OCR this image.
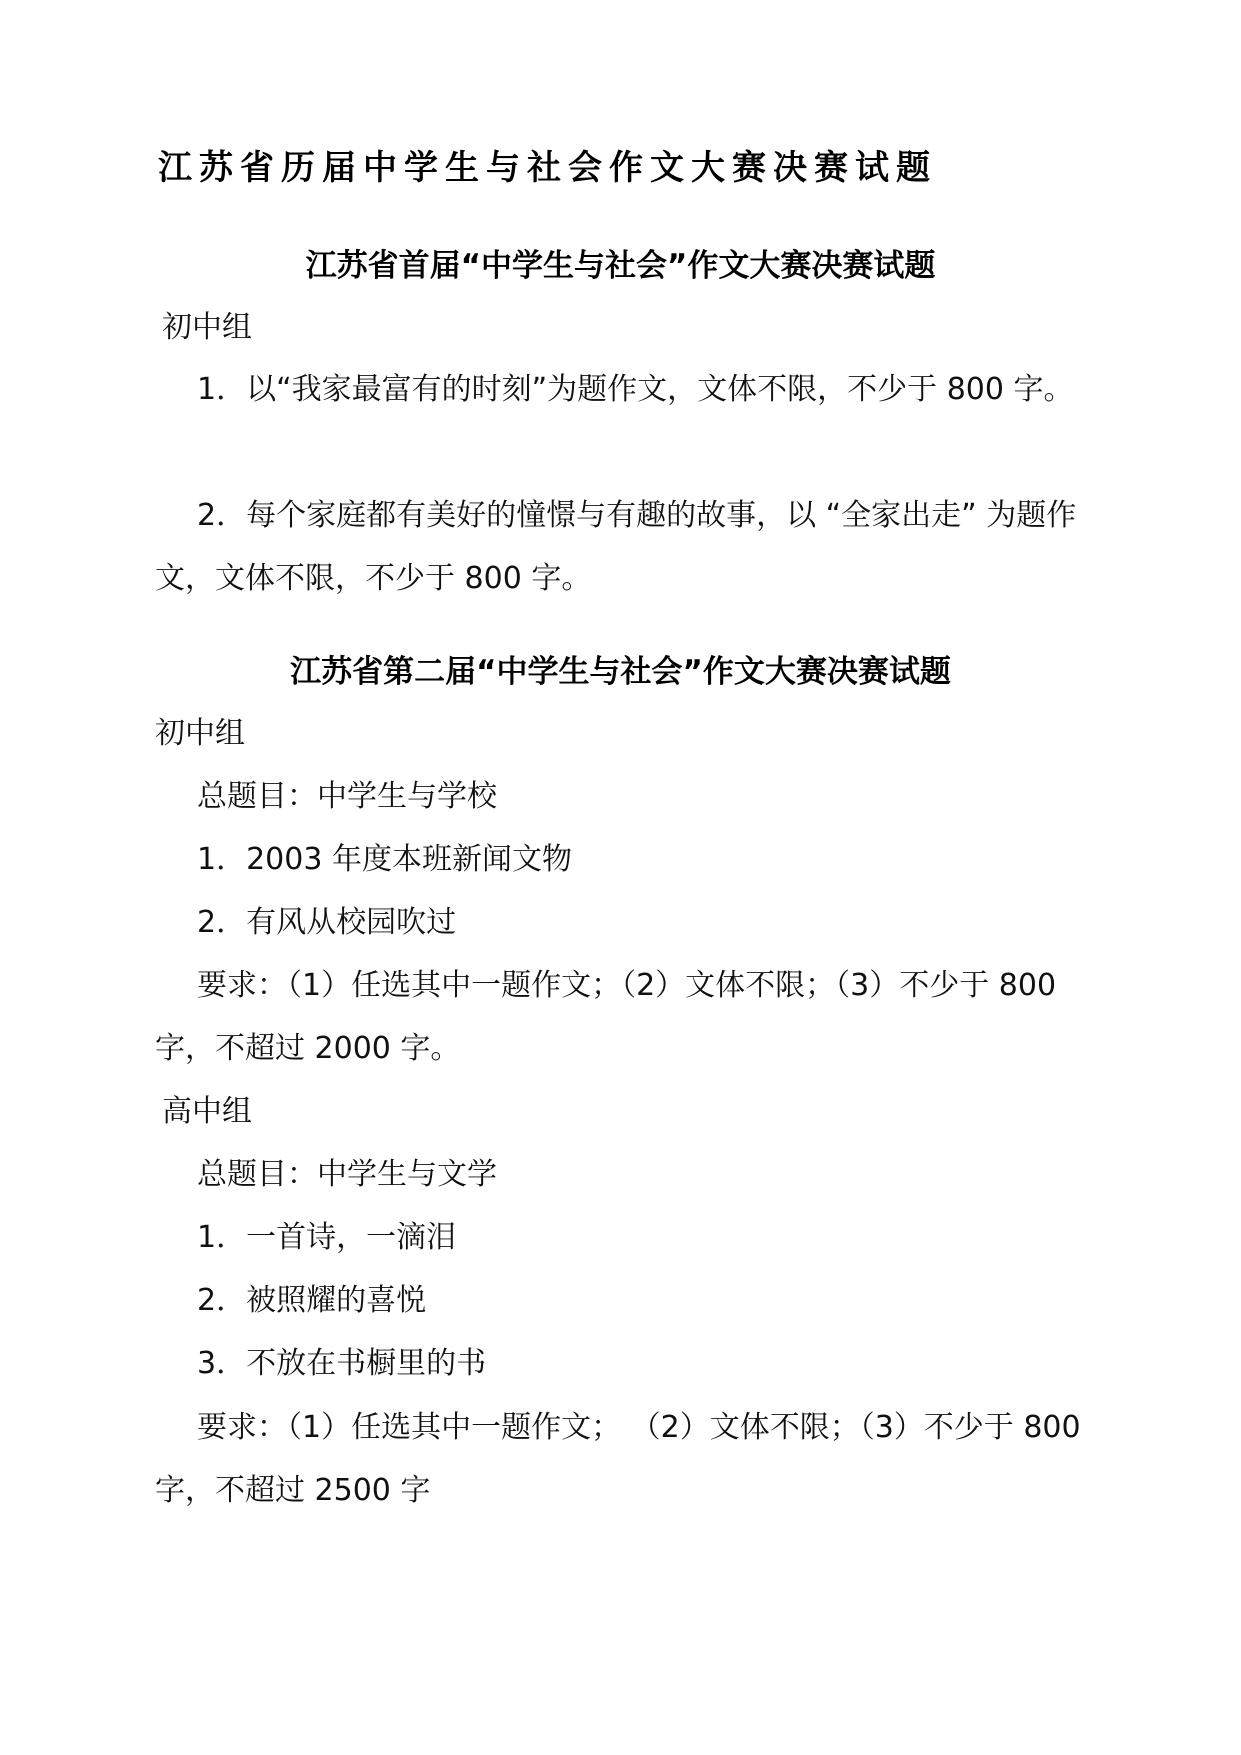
江苏省历届中学生与社会作文大赛决赛试题
江苏省首届“中学生与社会”作文大赛决赛试题
初中组
1．以“我家最富有的时刻”为题作文，文体不限，不少于 800 字。
2．每个家庭都有美好的憧憬与有趣的故事，以 “全家出走” 为题作文，文体不限，不少于 800 字。
江苏省第二届“中学生与社会”作文大赛决赛试题
初中组
总题目：中学生与学校
1．2003 年度本班新闻文物
2．有风从校园吹过
要求：（1）任选其中一题作文；（2）文体不限；（3）不少于 800 字，不超过 2000 字。
高中组
总题目：中学生与文学
1．一首诗，一滴泪
2．被照耀的喜悦
3．不放在书橱里的书
要求：（1）任选其中一题作文； （2）文体不限；（3）不少于 800 字，不超过 2500 字
